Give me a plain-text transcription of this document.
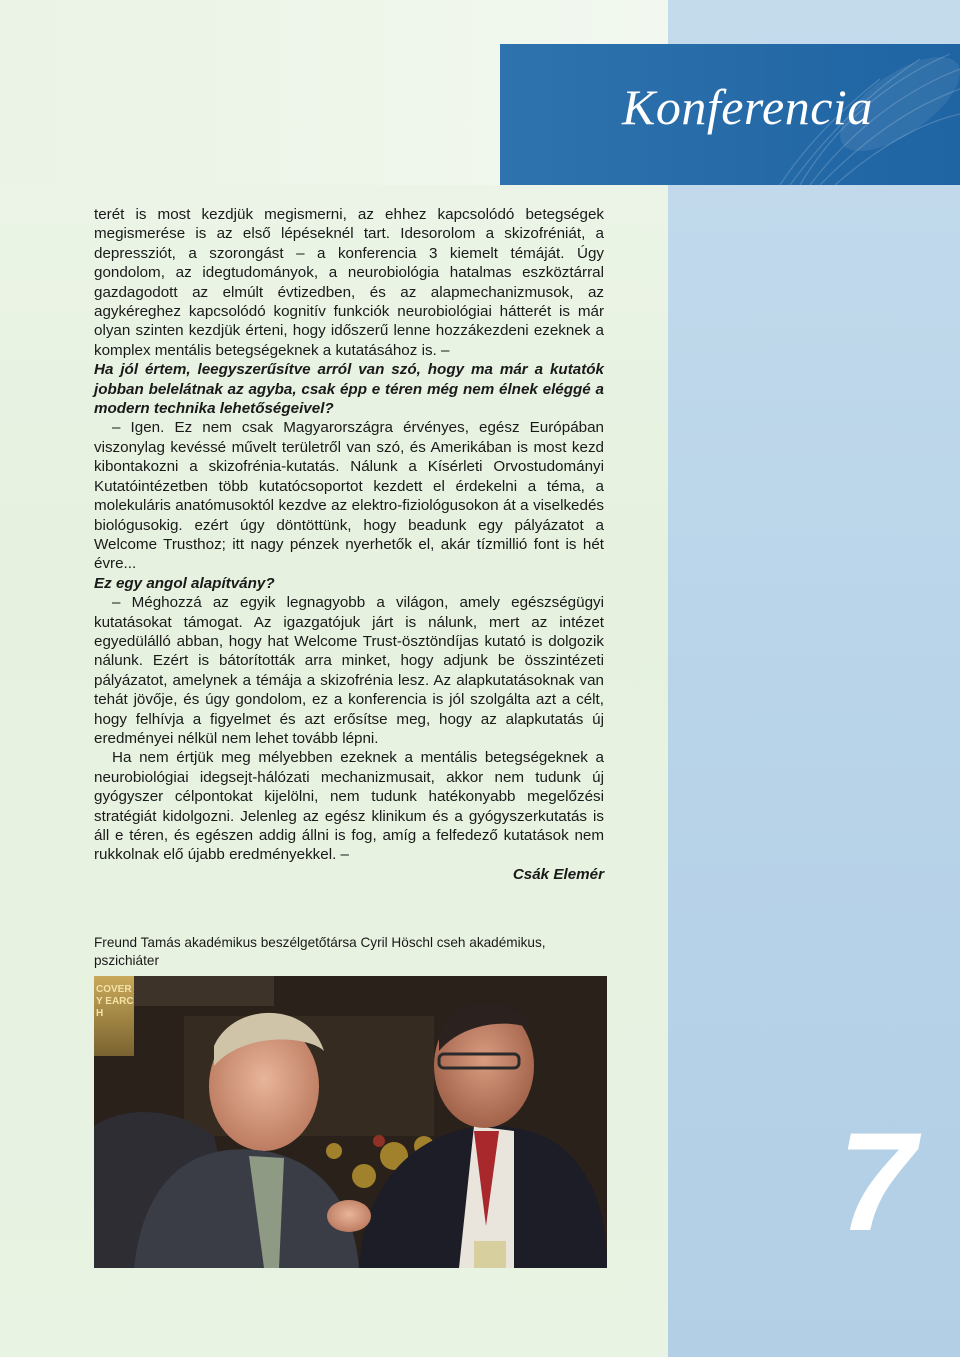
Konferencia

terét is most kezdjük megismerni, az ehhez kapcsolódó betegségek megismerése is az első lépéseknél tart. Idesorolom a skizofréniát, a depressziót, a szorongást – a konferencia 3 kiemelt témáját. Úgy gondolom, az idegtudományok, a neurobiológia hatalmas eszköztárral gazdagodott az elmúlt évtizedben, és az alapmechanizmusok, az agykéreghez kapcsolódó kognitív funkciók neurobiológiai hátterét is már olyan szinten kezdjük érteni, hogy időszerű lenne hozzákezdeni ezeknek a komplex mentális betegségeknek a kutatásához is. –

Ha jól értem, leegyszerűsítve arról van szó, hogy ma már a kutatók jobban belelátnak az agyba, csak épp e téren még nem élnek eléggé a modern technika lehetőségeivel?

– Igen. Ez nem csak Magyarországra érvényes, egész Európában viszonylag kevéssé művelt területről van szó, és Amerikában is most kezd kibontakozni a skizofrénia-kutatás. Nálunk a Kísérleti Orvostudományi Kutatóintézetben több kutatócsoportot kezdett el érdekelni a téma, a molekuláris anatómusoktól kezdve az elektro-fiziológusokon át a viselkedés biológusokig. ezért úgy döntöttünk, hogy beadunk egy pályázatot a Welcome Trusthoz; itt nagy pénzek nyerhetők el, akár tízmillió font is hét évre...

Ez egy angol alapítvány?

– Méghozzá az egyik legnagyobb a világon, amely egészségügyi kutatásokat támogat. Az igazgatójuk járt is nálunk, mert az intézet egyedülálló abban, hogy hat Welcome Trust-ösztöndíjas kutató is dolgozik nálunk. Ezért is bátorították arra minket, hogy adjunk be összintézeti pályázatot, amelynek a témája a skizofrénia lesz. Az alapkutatásoknak van tehát jövője, és úgy gondolom, ez a konferencia is jól szolgálta azt a célt, hogy felhívja a figyelmet és azt erősítse meg, hogy az alapkutatás új eredményei nélkül nem lehet tovább lépni.

Ha nem értjük meg mélyebben ezeknek a mentális betegségeknek a neurobiológiai idegsejt-hálózati mechanizmusait, akkor nem tudunk új gyógyszer célpontokat kijelölni, nem tudunk hatékonyabb megelőzési stratégiát kidolgozni. Jelenleg az egész klinikum és a gyógyszerkutatás is áll e téren, és egészen addig állni is fog, amíg a felfedező kutatások nem rukkolnak elő újabb eredményekkel. –

Csák Elemér

Freund Tamás akadémikus beszélgetőtársa Cyril Höschl cseh akadémikus, pszichiáter
COVERY EARCH
7
